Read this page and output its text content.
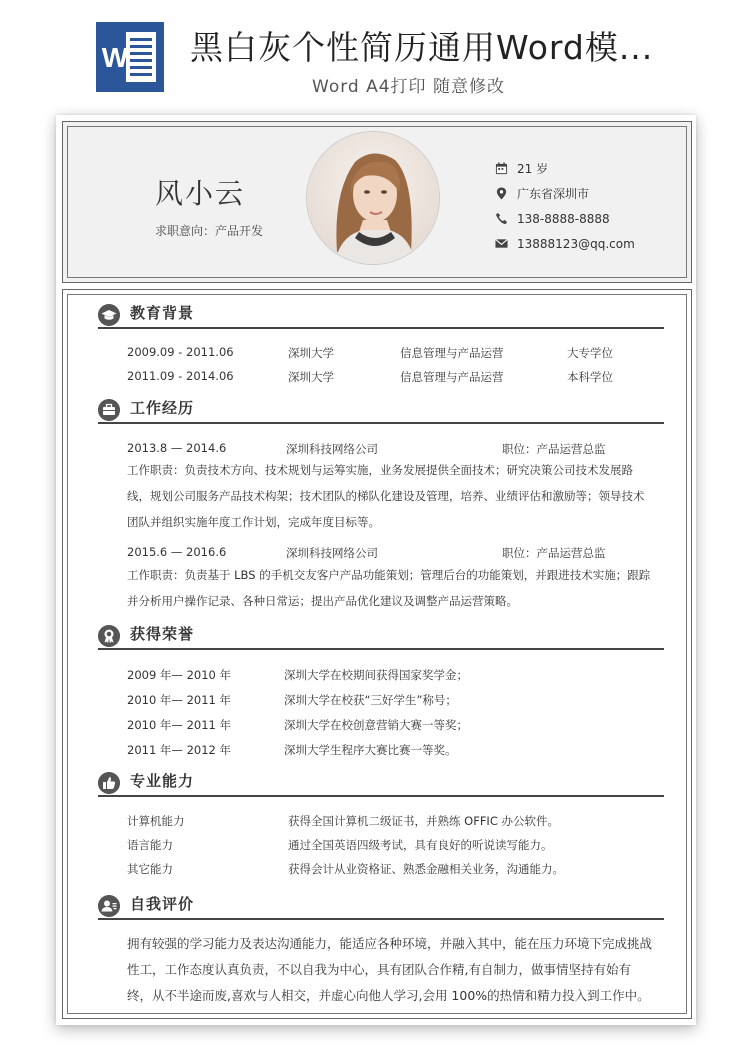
W 黑白灰个性简历通用Word模...
Word A4打印 随意修改
风小云
求职意向：产品开发
21 岁
广东省深圳市
138-8888-8888
13888123@qq.com
教育背景
2009.09 - 2011.06	深圳大学	信息管理与产品运营	大专学位
2011.09 - 2014.06	深圳大学	信息管理与产品运营	本科学位
工作经历
2013.8 — 2014.6	深圳科技网络公司	职位：产品运营总监
工作职责：负责技术方向、技术规划与运筹实施，业务发展提供全面技术；研究决策公司技术发展路线，规划公司服务产品技术构架；技术团队的梯队化建设及管理，培养、业绩评估和激励等；领导技术团队并组织实施年度工作计划，完成年度目标等。
2015.6 — 2016.6	深圳科技网络公司	职位：产品运营总监
工作职责：负责基于 LBS 的手机交友客户产品功能策划；管理后台的功能策划，并跟进技术实施；跟踪并分析用户操作记录、各种日常运；提出产品优化建议及调整产品运营策略。
获得荣誉
2009 年— 2010 年	深圳大学在校期间获得国家奖学金；
2010 年— 2011 年	深圳大学在校获“三好学生”称号；
2010 年— 2011 年	深圳大学在校创意营销大赛一等奖；
2011 年— 2012 年	深圳大学生程序大赛比赛一等奖。
专业能力
计算机能力	获得全国计算机二级证书，并熟练 OFFIC 办公软件。
语言能力	通过全国英语四级考试，具有良好的听说读写能力。
其它能力	获得会计从业资格证、熟悉金融相关业务，沟通能力。
自我评价
拥有较强的学习能力及表达沟通能力，能适应各种环境，并融入其中，能在压力环境下完成挑战性工，工作态度认真负责，不以自我为中心，具有团队合作精,有自制力，做事情坚持有始有终，从不半途而废,喜欢与人相交，并虚心向他人学习,会用 100%的热情和精力投入到工作中。
